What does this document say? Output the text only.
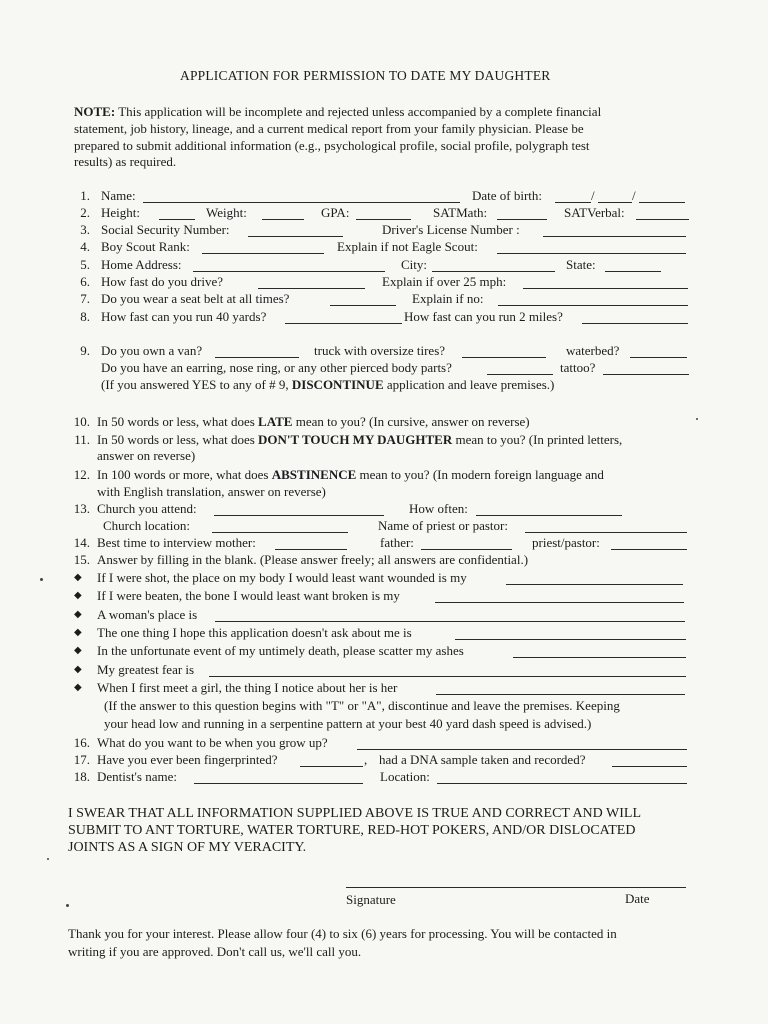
APPLICATION FOR PERMISSION TO DATE MY DAUGHTER
NOTE: This application will be incomplete and rejected unless accompanied by a complete financial
statement, job history, lineage, and a current medical report from your family physician. Please be
prepared to submit additional information (e.g., psychological profile, social profile, polygraph test
results) as required.
1. Name:	Date of birth:	/	/
2. Height:	Weight:	GPA:	SATMath:	SATVerbal:
3. Social Security Number:	Driver's License Number :
4. Boy Scout Rank:	Explain if not Eagle Scout:
5. Home Address:	City:	State:
6. How fast do you drive?	Explain if over 25 mph:
7. Do you wear a seat belt at all times?	Explain if no:
8. How fast can you run 40 yards?	How fast can you run 2 miles?
9. Do you own a van?	truck with oversize tires?	waterbed?
Do you have an earring, nose ring, or any other pierced body parts?	tattoo?
(If you answered YES to any of # 9, DISCONTINUE application and leave premises.)
10. In 50 words or less, what does LATE mean to you? (In cursive, answer on reverse)
11. In 50 words or less, what does DON'T TOUCH MY DAUGHTER mean to you? (In printed letters,
answer on reverse)
12. In 100 words or more, what does ABSTINENCE mean to you? (In modern foreign language and
with English translation, answer on reverse)
13. Church you attend:	How often:
Church location:	Name of priest or pastor:
14. Best time to interview mother:	father:	priest/pastor:
15. Answer by filling in the blank. (Please answer freely; all answers are confidential.)
◆ If I were shot, the place on my body I would least want wounded is my
◆ If I were beaten, the bone I would least want broken is my
◆ A woman's place is
◆ The one thing I hope this application doesn't ask about me is
◆ In the unfortunate event of my untimely death, please scatter my ashes
◆ My greatest fear is
◆ When I first meet a girl, the thing I notice about her is her
(If the answer to this question begins with "T" or "A", discontinue and leave the premises. Keeping
your head low and running in a serpentine pattern at your best 40 yard dash speed is advised.)
16. What do you want to be when you grow up?
17. Have you ever been fingerprinted?	, had a DNA sample taken and recorded?
18. Dentist's name:	Location:
I SWEAR THAT ALL INFORMATION SUPPLIED ABOVE IS TRUE AND CORRECT AND WILL
SUBMIT TO ANT TORTURE, WATER TORTURE, RED-HOT POKERS, AND/OR DISLOCATED
JOINTS AS A SIGN OF MY VERACITY.
Signature	Date
Thank you for your interest. Please allow four (4) to six (6) years for processing. You will be contacted in
writing if you are approved. Don't call us, we'll call you.
